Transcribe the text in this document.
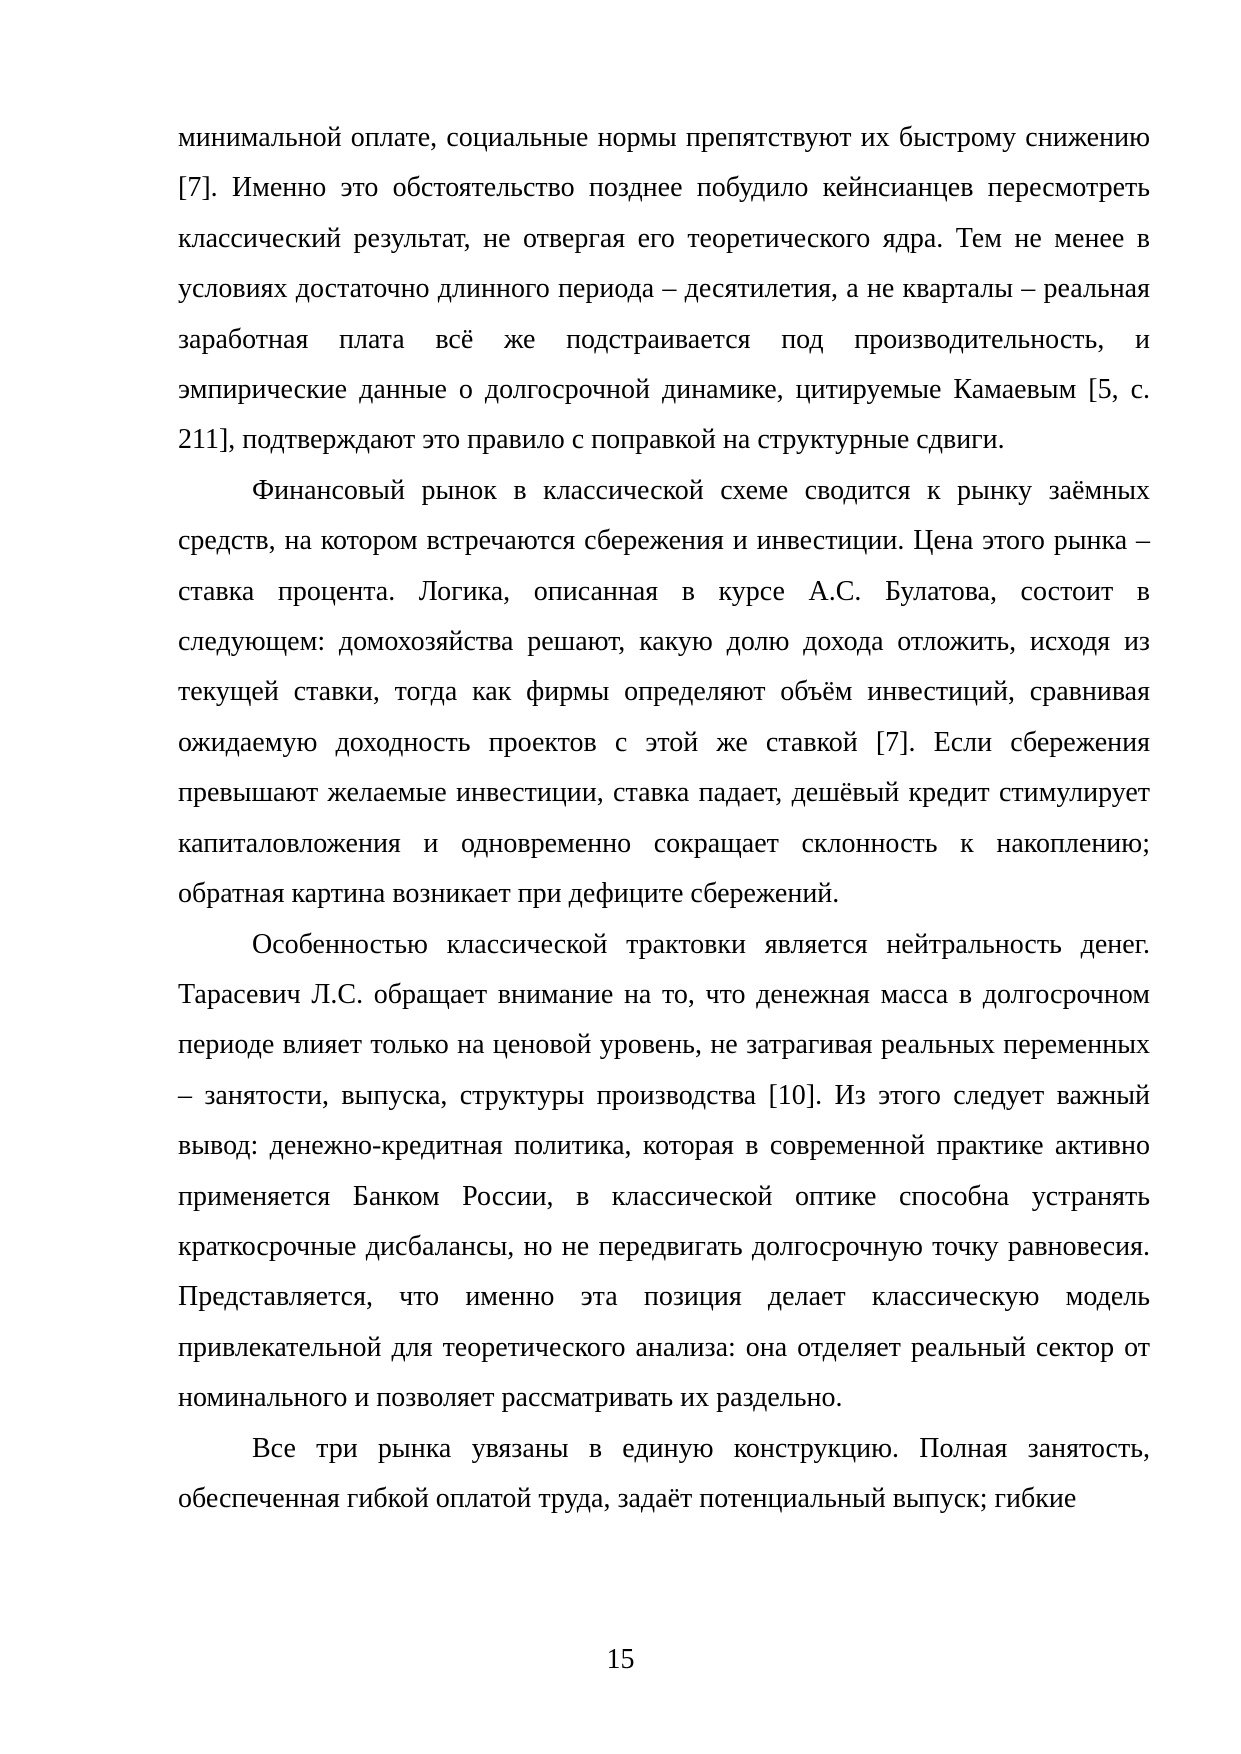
минимальной оплате, социальные нормы препятствуют их быстрому снижению [7]. Именно это обстоятельство позднее побудило кейнсианцев пересмотреть классический результат, не отвергая его теоретического ядра. Тем не менее в условиях достаточно длинного периода – десятилетия, а не кварталы – реальная заработная плата всё же подстраивается под производительность, и эмпирические данные о долгосрочной динамике, цитируемые Камаевым [5, с. 211], подтверждают это правило с поправкой на структурные сдвиги.

Финансовый рынок в классической схеме сводится к рынку заёмных средств, на котором встречаются сбережения и инвестиции. Цена этого рынка – ставка процента. Логика, описанная в курсе А.С. Булатова, состоит в следующем: домохозяйства решают, какую долю дохода отложить, исходя из текущей ставки, тогда как фирмы определяют объём инвестиций, сравнивая ожидаемую доходность проектов с этой же ставкой [7]. Если сбережения превышают желаемые инвестиции, ставка падает, дешёвый кредит стимулирует капиталовложения и одновременно сокращает склонность к накоплению; обратная картина возникает при дефиците сбережений.

Особенностью классической трактовки является нейтральность денег. Тарасевич Л.С. обращает внимание на то, что денежная масса в долгосрочном периоде влияет только на ценовой уровень, не затрагивая реальных переменных – занятости, выпуска, структуры производства [10]. Из этого следует важный вывод: денежно-кредитная политика, которая в современной практике активно применяется Банком России, в классической оптике способна устранять краткосрочные дисбалансы, но не передвигать долгосрочную точку равновесия. Представляется, что именно эта позиция делает классическую модель привлекательной для теоретического анализа: она отделяет реальный сектор от номинального и позволяет рассматривать их раздельно.

Все три рынка увязаны в единую конструкцию. Полная занятость, обеспеченная гибкой оплатой труда, задаёт потенциальный выпуск; гибкие

15
